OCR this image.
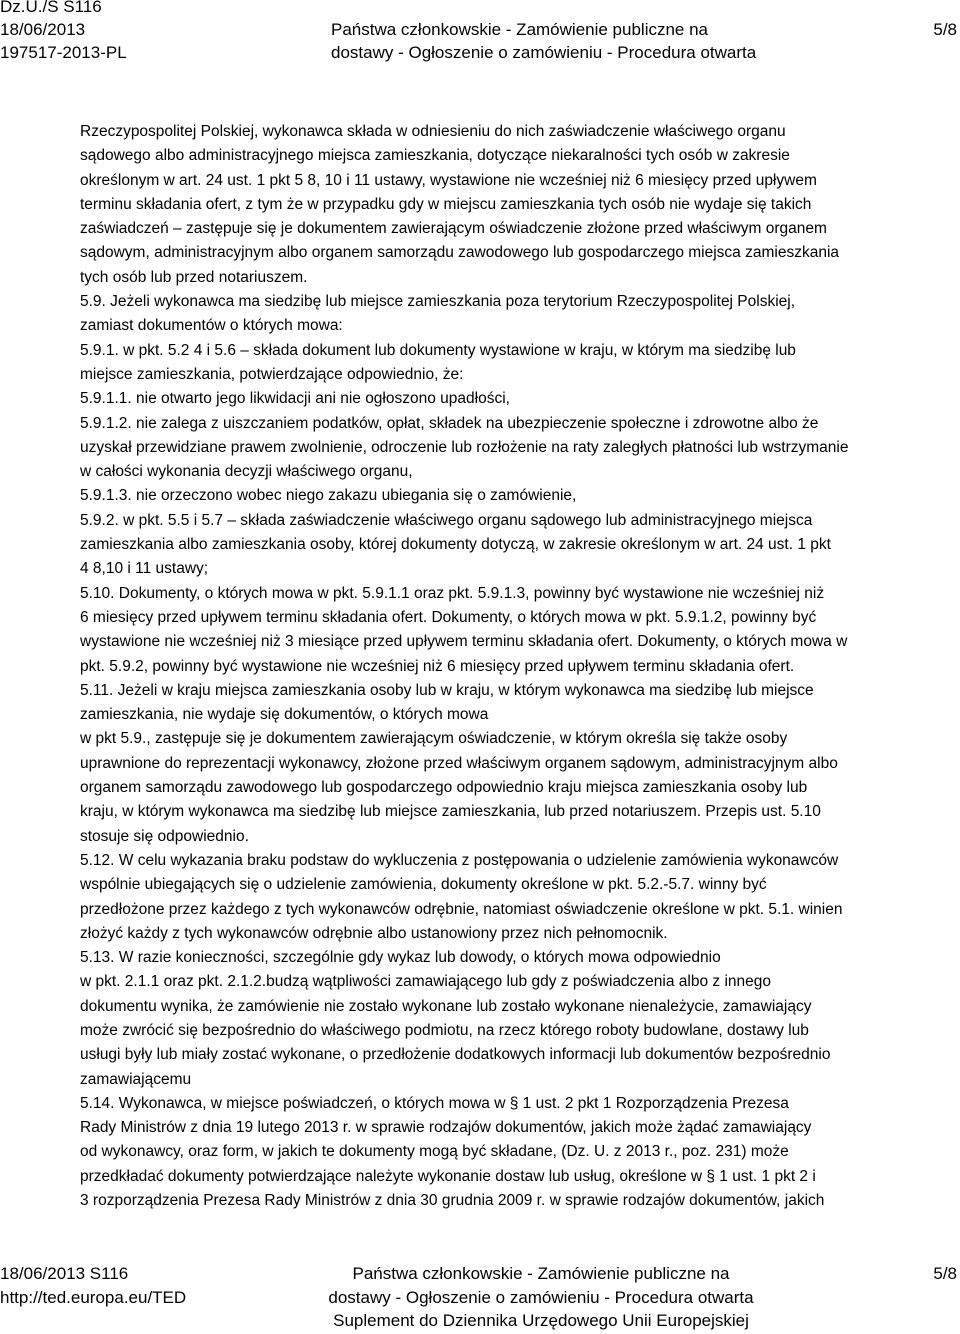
Dz.U./S S116
18/06/2013
197517-2013-PL
Państwa członkowskie - Zamówienie publiczne na
dostawy - Ogłoszenie o zamówieniu - Procedura otwarta
5/8

Rzeczypospolitej Polskiej, wykonawca składa w odniesieniu do nich zaświadczenie właściwego organu

sądowego albo administracyjnego miejsca zamieszkania, dotyczące niekaralności tych osób w zakresie

określonym w art. 24 ust. 1 pkt 5 8, 10 i 11 ustawy, wystawione nie wcześniej niż 6 miesięcy przed upływem

terminu składania ofert, z tym że w przypadku gdy w miejscu zamieszkania tych osób nie wydaje się takich

zaświadczeń – zastępuje się je dokumentem zawierającym oświadczenie złożone przed właściwym organem

sądowym, administracyjnym albo organem samorządu zawodowego lub gospodarczego miejsca zamieszkania

tych osób lub przed notariuszem.

5.9. Jeżeli wykonawca ma siedzibę lub miejsce zamieszkania poza terytorium Rzeczypospolitej Polskiej,

zamiast dokumentów o których mowa:

5.9.1. w pkt. 5.2 4 i 5.6 – składa dokument lub dokumenty wystawione w kraju, w którym ma siedzibę lub

miejsce zamieszkania, potwierdzające odpowiednio, że:

5.9.1.1. nie otwarto jego likwidacji ani nie ogłoszono upadłości,

5.9.1.2. nie zalega z uiszczaniem podatków, opłat, składek na ubezpieczenie społeczne i zdrowotne albo że

uzyskał przewidziane prawem zwolnienie, odroczenie lub rozłożenie na raty zaległych płatności lub wstrzymanie

w całości wykonania decyzji właściwego organu,

5.9.1.3. nie orzeczono wobec niego zakazu ubiegania się o zamówienie,

5.9.2. w pkt. 5.5 i 5.7 – składa zaświadczenie właściwego organu sądowego lub administracyjnego miejsca

zamieszkania albo zamieszkania osoby, której dokumenty dotyczą, w zakresie określonym w art. 24 ust. 1 pkt

4 8,10 i 11 ustawy;

5.10. Dokumenty, o których mowa w pkt. 5.9.1.1 oraz pkt. 5.9.1.3, powinny być wystawione nie wcześniej niż

6 miesięcy przed upływem terminu składania ofert. Dokumenty, o których mowa w pkt. 5.9.1.2, powinny być

wystawione nie wcześniej niż 3 miesiące przed upływem terminu składania ofert. Dokumenty, o których mowa w

pkt. 5.9.2, powinny być wystawione nie wcześniej niż 6 miesięcy przed upływem terminu składania ofert.

5.11. Jeżeli w kraju miejsca zamieszkania osoby lub w kraju, w którym wykonawca ma siedzibę lub miejsce

zamieszkania, nie wydaje się dokumentów, o których mowa

w pkt 5.9., zastępuje się je dokumentem zawierającym oświadczenie, w którym określa się także osoby

uprawnione do reprezentacji wykonawcy, złożone przed właściwym organem sądowym, administracyjnym albo

organem samorządu zawodowego lub gospodarczego odpowiednio kraju miejsca zamieszkania osoby lub

kraju, w którym wykonawca ma siedzibę lub miejsce zamieszkania, lub przed notariuszem. Przepis ust. 5.10

stosuje się odpowiednio.

5.12. W celu wykazania braku podstaw do wykluczenia z postępowania o udzielenie zamówienia wykonawców

wspólnie ubiegających się o udzielenie zamówienia, dokumenty określone w pkt. 5.2.-5.7. winny być

przedłożone przez każdego z tych wykonawców odrębnie, natomiast oświadczenie określone w pkt. 5.1. winien

złożyć każdy z tych wykonawców odrębnie albo ustanowiony przez nich pełnomocnik.

5.13. W razie konieczności, szczególnie gdy wykaz lub dowody, o których mowa odpowiednio

w pkt. 2.1.1 oraz pkt. 2.1.2.budzą wątpliwości zamawiającego lub gdy z poświadczenia albo z innego

dokumentu wynika, że zamówienie nie zostało wykonane lub zostało wykonane nienależycie, zamawiający

może zwrócić się bezpośrednio do właściwego podmiotu, na rzecz którego roboty budowlane, dostawy lub

usługi były lub miały zostać wykonane, o przedłożenie dodatkowych informacji lub dokumentów bezpośrednio

zamawiającemu

5.14. Wykonawca, w miejsce poświadczeń, o których mowa w § 1 ust. 2 pkt 1 Rozporządzenia Prezesa

Rady Ministrów z dnia 19 lutego 2013 r. w sprawie rodzajów dokumentów, jakich może żądać zamawiający

od wykonawcy, oraz form, w jakich te dokumenty mogą być składane, (Dz. U. z 2013 r., poz. 231) może

przedkładać dokumenty potwierdzające należyte wykonanie dostaw lub usług, określone w § 1 ust. 1 pkt 2 i

3 rozporządzenia Prezesa Rady Ministrów z dnia 30 grudnia 2009 r. w sprawie rodzajów dokumentów, jakich

18/06/2013 S116
http://ted.europa.eu/TED
Państwa członkowskie - Zamówienie publiczne na
dostawy - Ogłoszenie o zamówieniu - Procedura otwarta
Suplement do Dziennika Urzędowego Unii Europejskiej
5/8
